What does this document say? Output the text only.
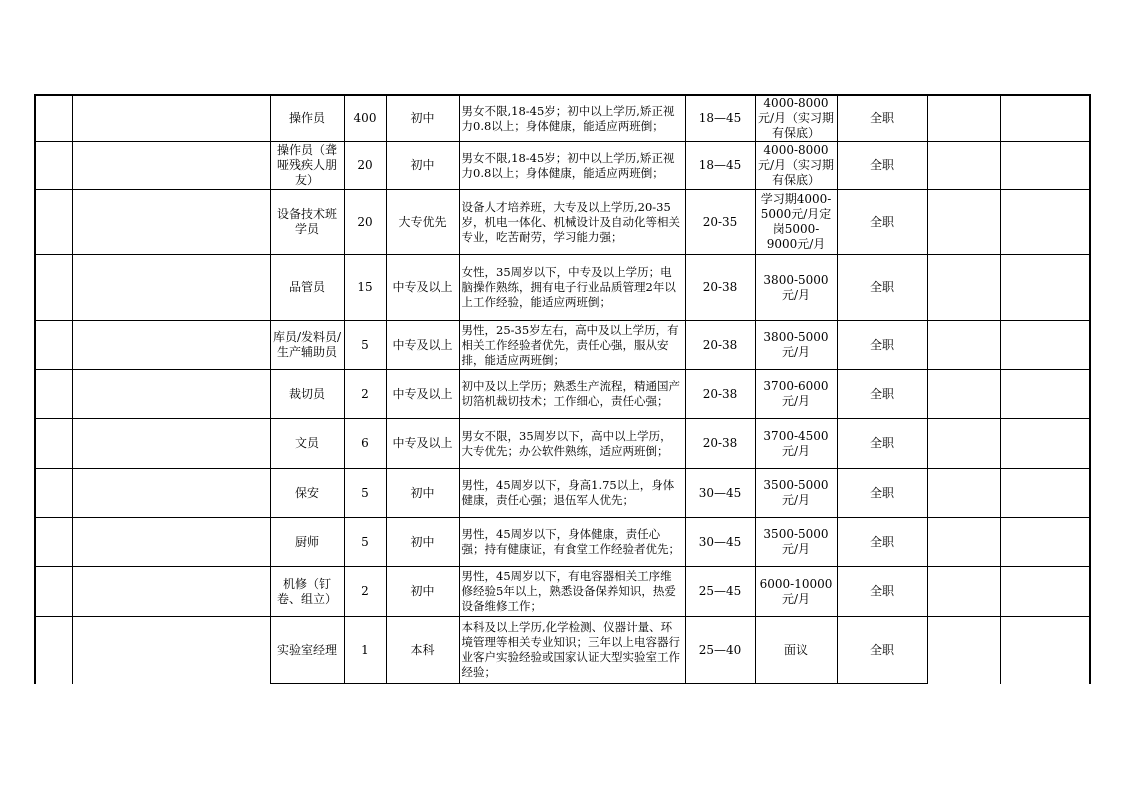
		操作员	400	初中	男女不限,18-45岁；初中以上学历,矫正视力0.8以上；身体健康，能适应两班倒；	18—45	4000-8000元/月（实习期有保底）	全职		
		操作员（聋哑残疾人朋友）	20	初中	男女不限,18-45岁；初中以上学历,矫正视力0.8以上；身体健康，能适应两班倒；	18—45	4000-8000元/月（实习期有保底）	全职		
		设备技术班学员	20	大专优先	设备人才培养班，大专及以上学历,20-35岁，机电一体化、机械设计及自动化等相关专业，吃苦耐劳，学习能力强；	20-35	学习期4000-5000元/月定岗5000-9000元/月	全职		
		品管员	15	中专及以上	女性，35周岁以下，中专及以上学历；电脑操作熟练，拥有电子行业品质管理2年以上工作经验，能适应两班倒；	20-38	3800-5000元/月	全职		
		库员/发料员/生产辅助员	5	中专及以上	男性，25-35岁左右，高中及以上学历，有相关工作经验者优先，责任心强，服从安排，能适应两班倒；	20-38	3800-5000元/月	全职		
		裁切员	2	中专及以上	初中及以上学历；熟悉生产流程，精通国产切箔机裁切技术；工作细心，责任心强；	20-38	3700-6000元/月	全职		
		文员	6	中专及以上	男女不限，35周岁以下，高中以上学历，大专优先；办公软件熟练，适应两班倒；	20-38	3700-4500元/月	全职		
		保安	5	初中	男性，45周岁以下，身高1.75以上，身体健康，责任心强；退伍军人优先；	30—45	3500-5000元/月	全职		
		厨师	5	初中	男性，45周岁以下，身体健康，责任心强；持有健康证，有食堂工作经验者优先；	30—45	3500-5000元/月	全职		
		机修（钉卷、组立）	2	初中	男性，45周岁以下，有电容器相关工序维修经验5年以上，熟悉设备保养知识，热爱设备维修工作；	25—45	6000-10000元/月	全职		
		实验室经理	1	本科	本科及以上学历,化学检测、仪器计量、环境管理等相关专业知识；三年以上电容器行业客户实验经验或国家认证大型实验室工作经验；	25—40	面议	全职		
